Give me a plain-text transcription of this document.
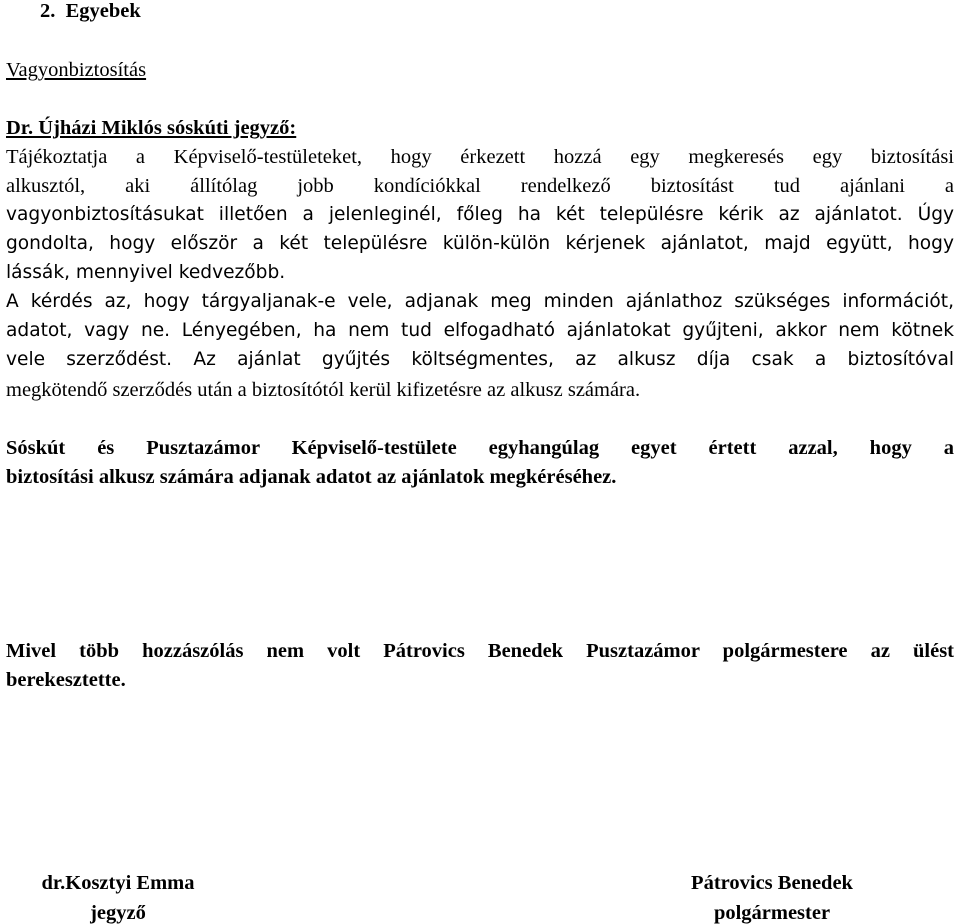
2. Egyebek
Vagyonbiztosítás
Dr. Újházi Miklós sóskúti jegyző:
Tájékoztatja a Képviselő-testületeket, hogy érkezett hozzá egy megkeresés egy biztosítási
alkusztól, aki állítólag jobb kondíciókkal rendelkező biztosítást tud ajánlani a
vagyonbiztosításukat illetően a jelenleginél, főleg ha két településre kérik az ajánlatot. Úgy
gondolta, hogy először a két településre külön-külön kérjenek ajánlatot, majd együtt, hogy
lássák, mennyivel kedvezőbb.
A kérdés az, hogy tárgyaljanak-e vele, adjanak meg minden ajánlathoz szükséges információt,
adatot, vagy ne. Lényegében, ha nem tud elfogadható ajánlatokat gyűjteni, akkor nem kötnek
vele szerződést. Az ajánlat gyűjtés költségmentes, az alkusz díja csak a biztosítóval
megkötendő szerződés után a biztosítótól kerül kifizetésre az alkusz számára.
Sóskút és Pusztazámor Képviselő-testülete egyhangúlag egyet értett azzal, hogy a
biztosítási alkusz számára adjanak adatot az ajánlatok megkéréséhez.
Mivel több hozzászólás nem volt Pátrovics Benedek Pusztazámor polgármestere az ülést
berekesztette.
dr.Kosztyi Emma
jegyző
Pátrovics Benedek
polgármester
